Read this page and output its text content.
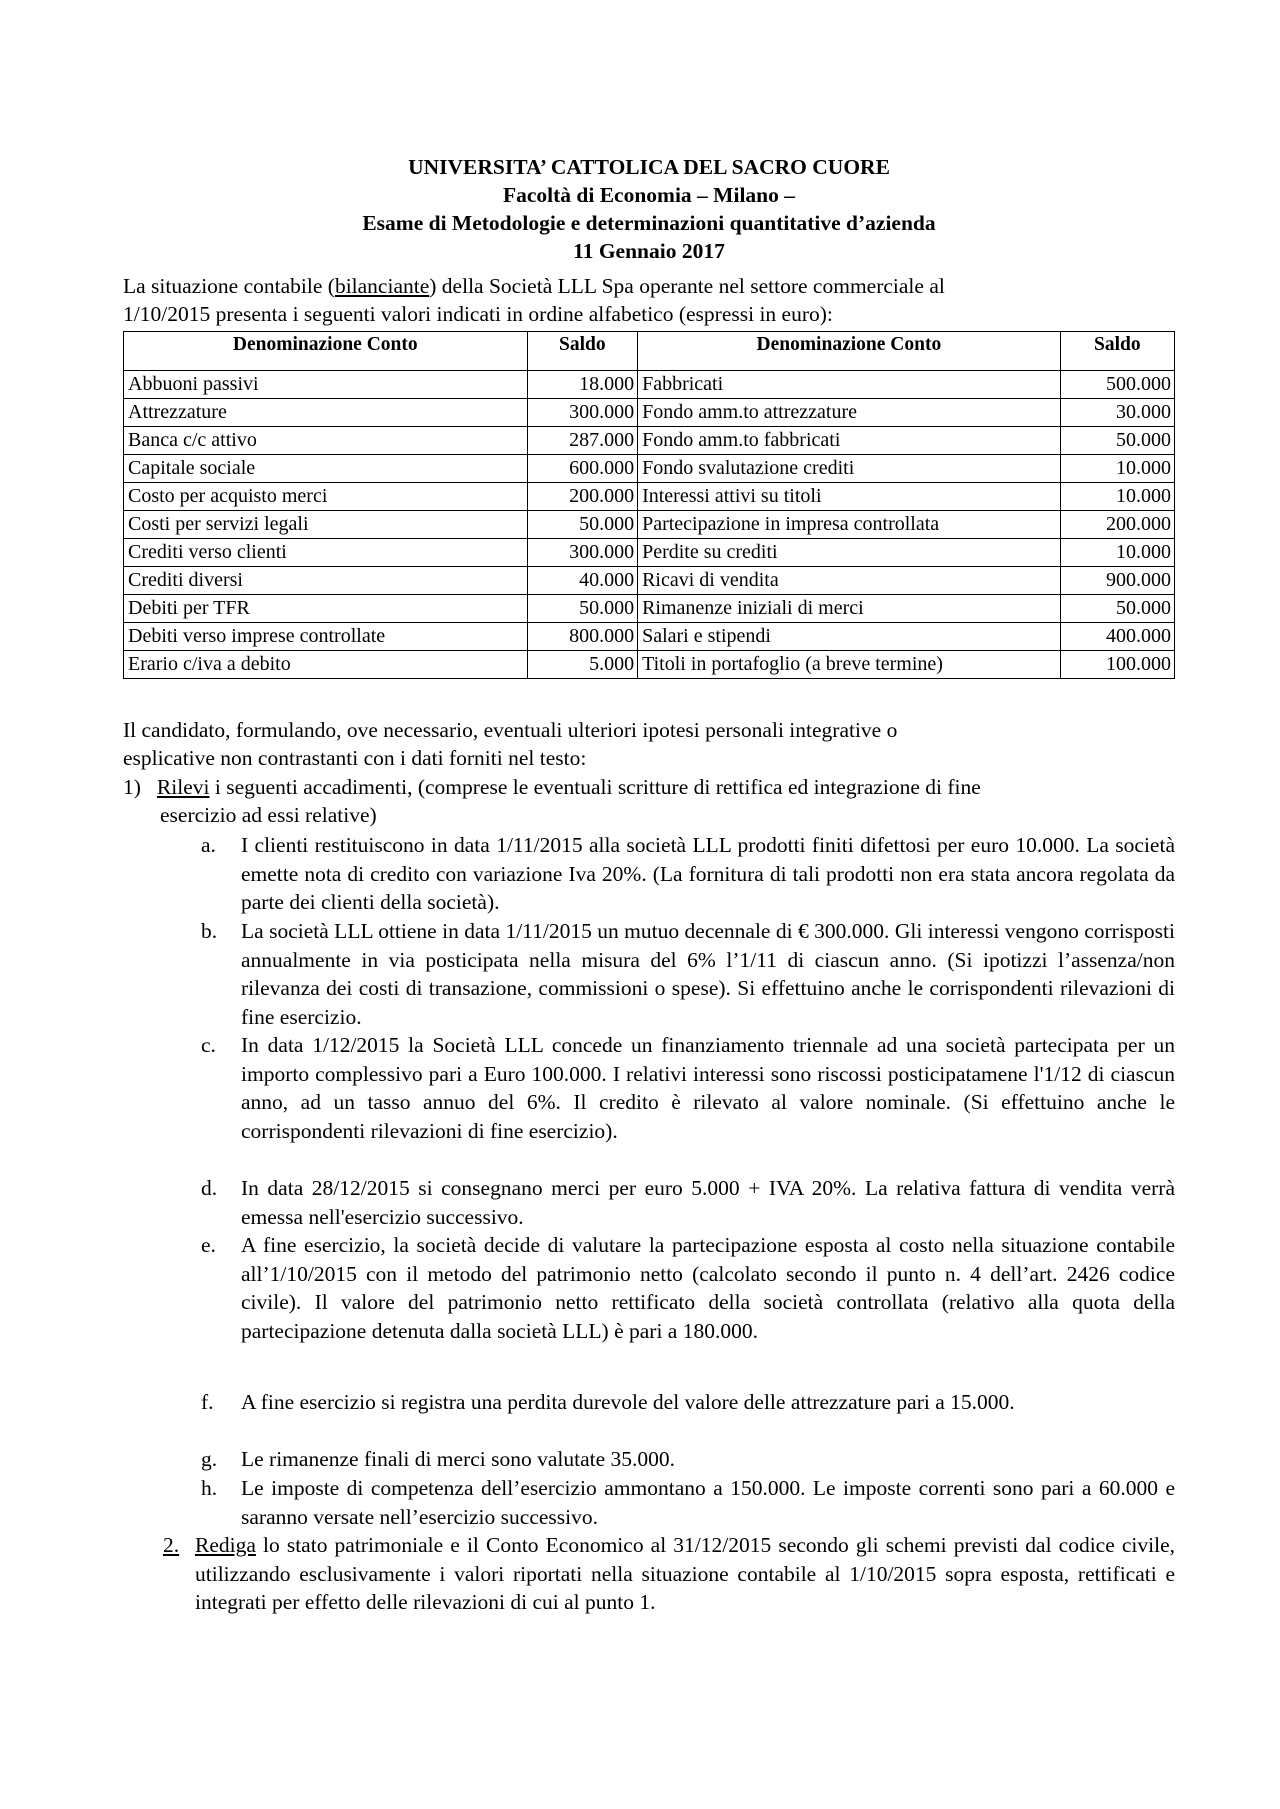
UNIVERSITA’ CATTOLICA DEL SACRO CUORE
Facoltà di Economia – Milano –
Esame di Metodologie e determinazioni quantitative d’azienda
11 Gennaio 2017
La situazione contabile (bilanciante) della Società LLL Spa operante nel settore commerciale al
1/10/2015 presenta i seguenti valori indicati in ordine alfabetico (espressi in euro):
Denominazione Conto	Saldo	Denominazione Conto	Saldo
Abbuoni passivi	18.000	Fabbricati	500.000
Attrezzature	300.000	Fondo amm.to attrezzature	30.000
Banca c/c attivo	287.000	Fondo amm.to fabbricati	50.000
Capitale sociale	600.000	Fondo svalutazione crediti	10.000
Costo per acquisto merci	200.000	Interessi attivi su titoli	10.000
Costi per servizi legali	50.000	Partecipazione in impresa controllata	200.000
Crediti verso clienti	300.000	Perdite su crediti	10.000
Crediti diversi	40.000	Ricavi di vendita	900.000
Debiti per TFR	50.000	Rimanenze iniziali di merci	50.000
Debiti verso imprese controllate	800.000	Salari e stipendi	400.000
Erario c/iva a debito	5.000	Titoli in portafoglio (a breve termine)	100.000
Il candidato, formulando, ove necessario, eventuali ulteriori ipotesi personali integrative o
esplicative non contrastanti con i dati forniti nel testo:
1) Rilevi i seguenti accadimenti, (comprese le eventuali scritture di rettifica ed integrazione di fine
esercizio ad essi relative)
a. I clienti restituiscono in data 1/11/2015 alla società LLL prodotti finiti difettosi per euro 10.000. La società emette nota di credito con variazione Iva 20%. (La fornitura di tali prodotti non era stata ancora regolata da parte dei clienti della società).
b. La società LLL ottiene in data 1/11/2015 un mutuo decennale di € 300.000. Gli interessi vengono corrisposti annualmente in via posticipata nella misura del 6% l’1/11 di ciascun anno. (Si ipotizzi l’assenza/non rilevanza dei costi di transazione, commissioni o spese). Si effettuino anche le corrispondenti rilevazioni di fine esercizio.
c. In data 1/12/2015 la Società LLL concede un finanziamento triennale ad una società partecipata per un importo complessivo pari a Euro 100.000. I relativi interessi sono riscossi posticipatamene l'1/12 di ciascun anno, ad un tasso annuo del 6%. Il credito è rilevato al valore nominale. (Si effettuino anche le corrispondenti rilevazioni di fine esercizio).
d. In data 28/12/2015 si consegnano merci per euro 5.000 + IVA 20%. La relativa fattura di vendita verrà emessa nell'esercizio successivo.
e. A fine esercizio, la società decide di valutare la partecipazione esposta al costo nella situazione contabile all’1/10/2015 con il metodo del patrimonio netto (calcolato secondo il punto n. 4 dell’art. 2426 codice civile). Il valore del patrimonio netto rettificato della società controllata (relativo alla quota della partecipazione detenuta dalla società LLL) è pari a 180.000.
f. A fine esercizio si registra una perdita durevole del valore delle attrezzature pari a 15.000.
g. Le rimanenze finali di merci sono valutate 35.000.
h. Le imposte di competenza dell’esercizio ammontano a 150.000. Le imposte correnti sono pari a 60.000 e saranno versate nell’esercizio successivo.
2. Rediga lo stato patrimoniale e il Conto Economico al 31/12/2015 secondo gli schemi previsti dal codice civile, utilizzando esclusivamente i valori riportati nella situazione contabile al 1/10/2015 sopra esposta, rettificati e integrati per effetto delle rilevazioni di cui al punto 1.
